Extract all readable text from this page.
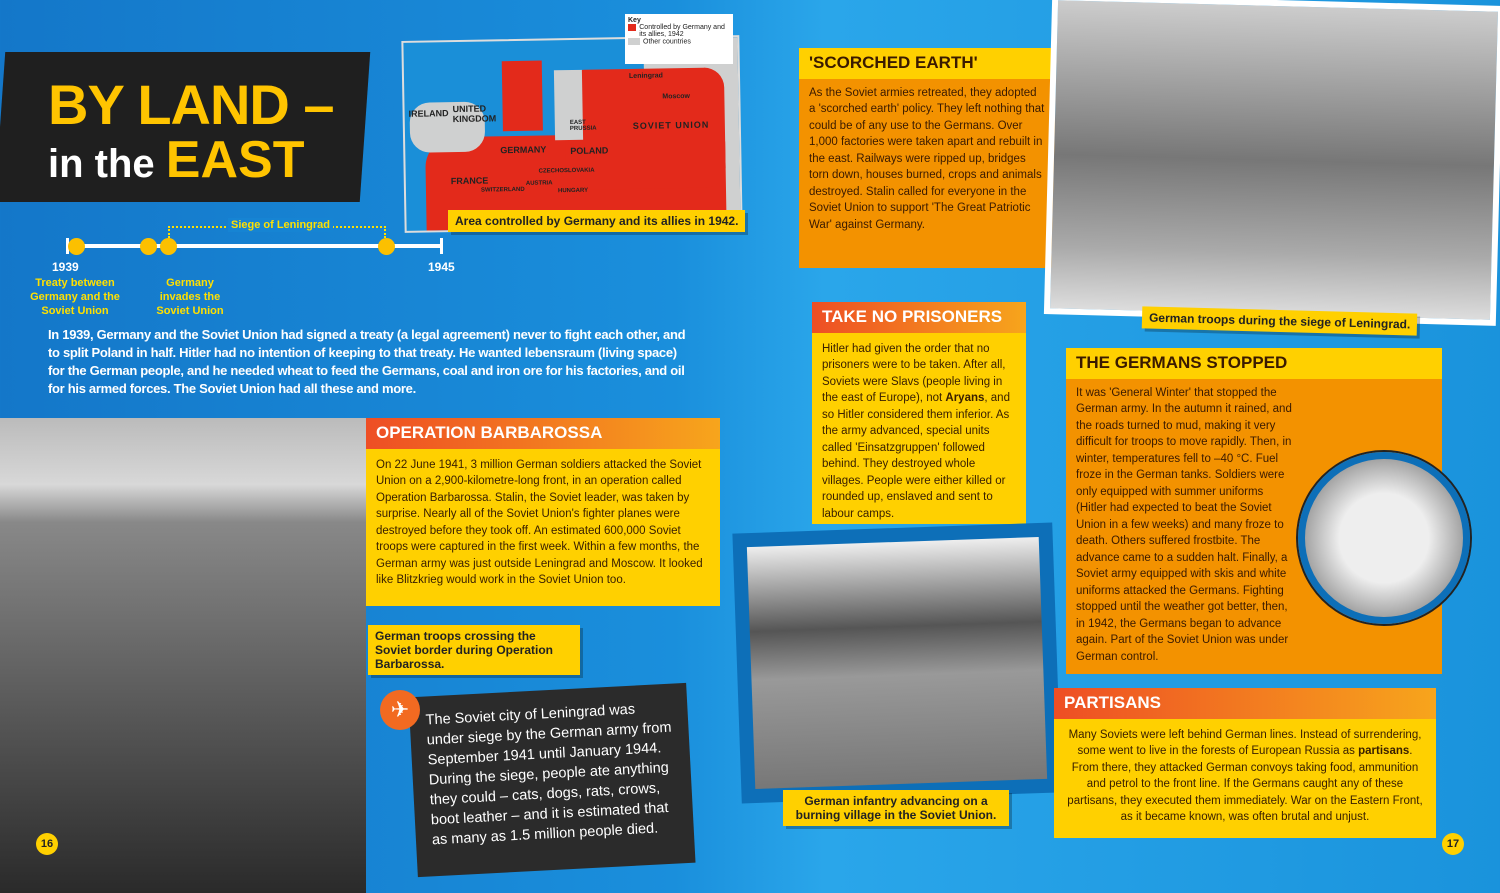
BY LAND –
in the EAST
IRELAND UNITED KINGDOM
GERMANY	POLAND
FRANCE
SWITZERLAND
AUSTRIA
CZECHOSLOVAKIA
HUNGARY
EAST PRUSSIA	SOVIET UNION
Leningrad
Moscow
Key
Controlled by Germany and its allies, 1942
Other countries
Area controlled by Germany and its allies in 1942.
Siege of Leningrad
1939	1945
Treaty between Germany and the Soviet Union
Germany invades the Soviet Union
In 1939, Germany and the Soviet Union had signed a treaty (a legal agreement) never to fight each other, and to split Poland in half. Hitler had no intention of keeping to that treaty. He wanted lebensraum (living space) for the German people, and he needed wheat to feed the Germans, coal and iron ore for his factories, and oil for his armed forces. The Soviet Union had all these and more.
OPERATION BARBAROSSA
On 22 June 1941, 3 million German soldiers attacked the Soviet Union on a 2,900-kilometre-long front, in an operation called Operation Barbarossa. Stalin, the Soviet leader, was taken by surprise. Nearly all of the Soviet Union's fighter planes were destroyed before they took off. An estimated 600,000 Soviet troops were captured in the first week. Within a few months, the German army was just outside Leningrad and Moscow. It looked like Blitzkrieg would work in the Soviet Union too.
German troops crossing the Soviet border during Operation Barbarossa.
The Soviet city of Leningrad was under siege by the German army from September 1941 until January 1944. During the siege, people ate anything they could – cats, dogs, rats, crows, boot leather – and it is estimated that as many as 1.5 million people died.
✈
'SCORCHED EARTH'
As the Soviet armies retreated, they adopted a 'scorched earth' policy. They left nothing that could be of any use to the Germans. Over 1,000 factories were taken apart and rebuilt in the east. Railways were ripped up, bridges torn down, houses burned, crops and animals destroyed. Stalin called for everyone in the Soviet Union to support 'The Great Patriotic War' against Germany.
German troops during the siege of Leningrad.
TAKE NO PRISONERS
Hitler had given the order that no prisoners were to be taken. After all, Soviets were Slavs (people living in the east of Europe), not Aryans, and so Hitler considered them inferior. As the army advanced, special units called 'Einsatzgruppen' followed behind. They destroyed whole villages. People were either killed or rounded up, enslaved and sent to labour camps.
German infantry advancing on a burning village in the Soviet Union.
THE GERMANS STOPPED
It was 'General Winter' that stopped the German army. In the autumn it rained, and the roads turned to mud, making it very difficult for troops to move rapidly. Then, in winter, temperatures fell to –40 °C. Fuel froze in the German tanks. Soldiers were only equipped with summer uniforms (Hitler had expected to beat the Soviet Union in a few weeks) and many froze to death. Others suffered frostbite. The advance came to a sudden halt. Finally, a Soviet army equipped with skis and white uniforms attacked the Germans. Fighting stopped until the weather got better, then, in 1942, the Germans began to advance again. Part of the Soviet Union was under German control.
PARTISANS
Many Soviets were left behind German lines. Instead of surrendering, some went to live in the forests of European Russia as partisans. From there, they attacked German convoys taking food, ammunition and petrol to the front line. If the Germans caught any of these partisans, they executed them immediately. War on the Eastern Front, as it became known, was often brutal and unjust.
16	17
